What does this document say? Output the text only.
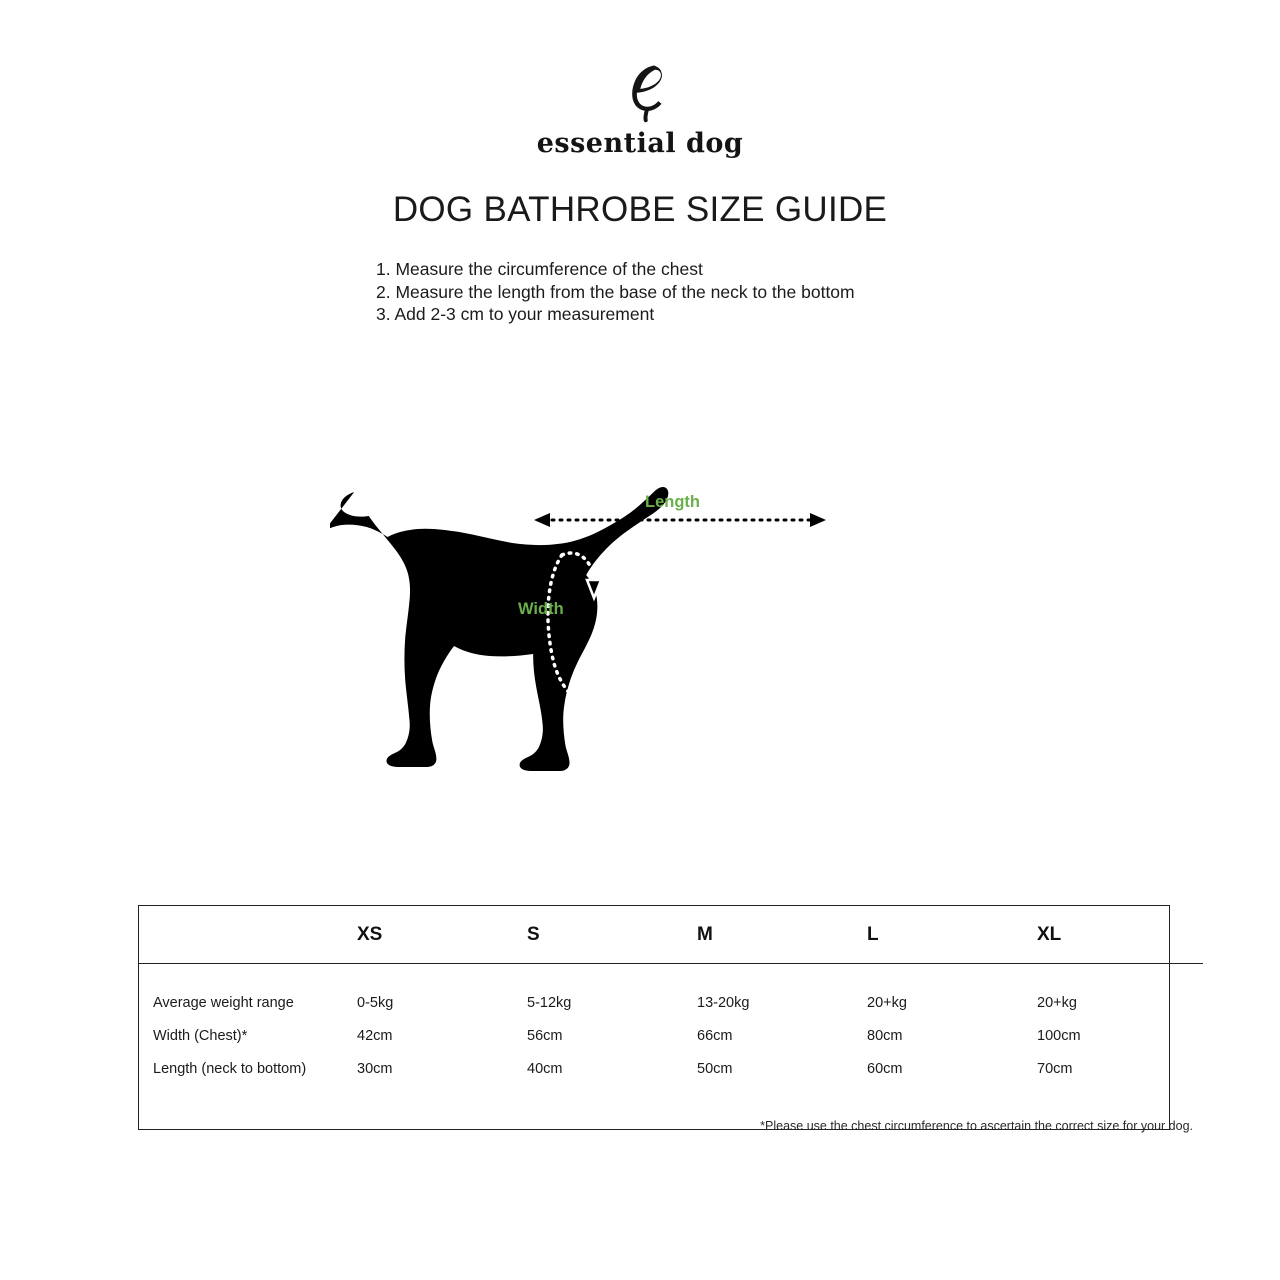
essential dog
DOG BATHROBE SIZE GUIDE
1. Measure the circumference of the chest
2. Measure the length from the base of the neck to the bottom
3. Add 2-3 cm to your measurement
Length
Width
	XS	S	M	L	XL
Average weight range	0-5kg	5-12kg	13-20kg	20+kg	20+kg
Width (Chest)*	42cm	56cm	66cm	80cm	100cm
Length (neck to bottom)	30cm	40cm	50cm	60cm	70cm
*Please use the chest circumference to ascertain the correct size for your dog.					
